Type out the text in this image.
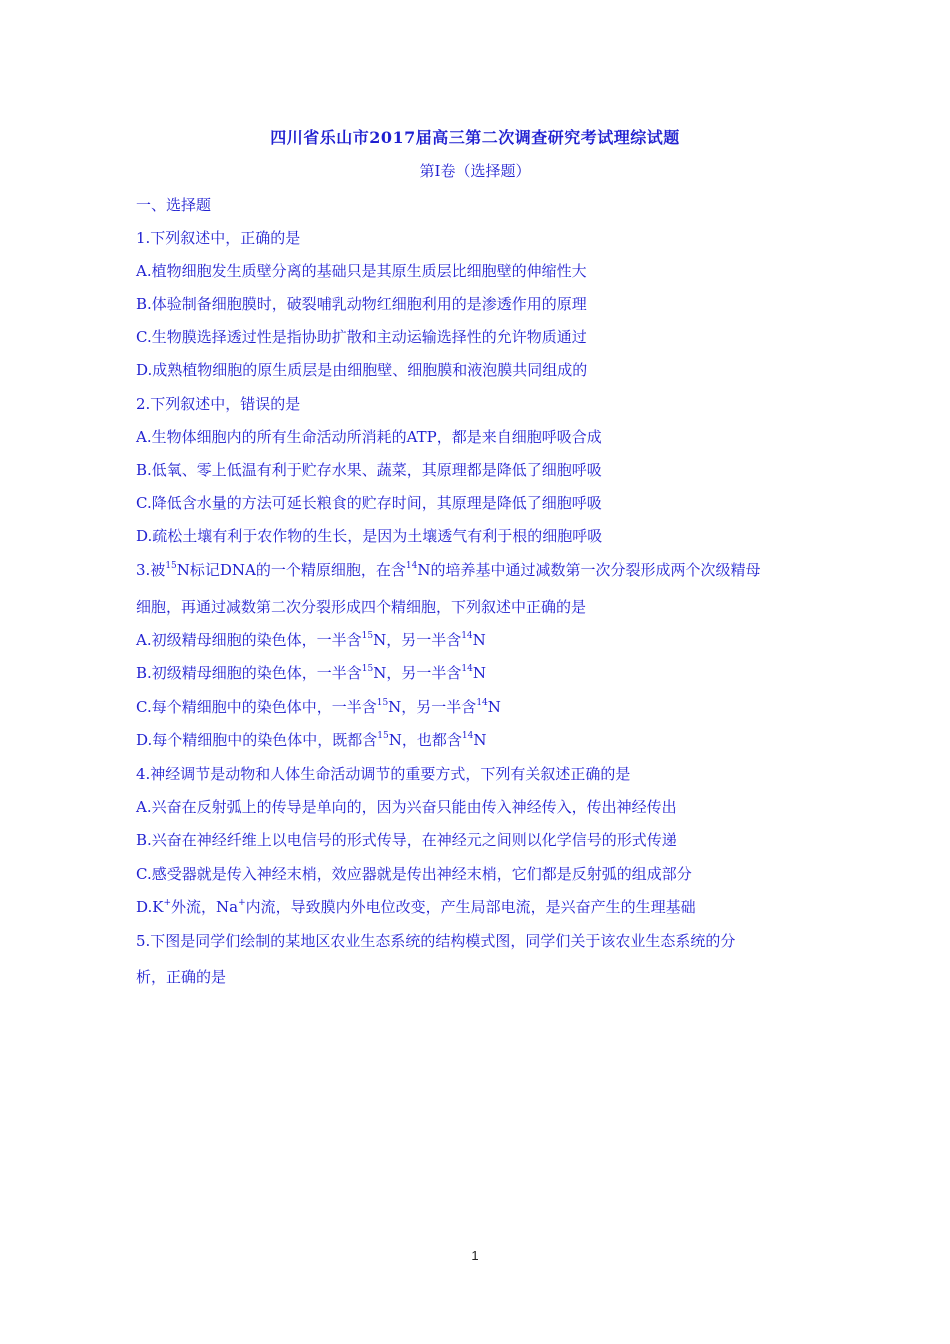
四川省乐山市2017届高三第二次调查研究考试理综试题
第Ⅰ卷（选择题）
一、选择题
1.下列叙述中，正确的是
A.植物细胞发生质壁分离的基础只是其原生质层比细胞壁的伸缩性大
B.体验制备细胞膜时，破裂哺乳动物红细胞利用的是渗透作用的原理
C.生物膜选择透过性是指协助扩散和主动运输选择性的允许物质通过
D.成熟植物细胞的原生质层是由细胞壁、细胞膜和液泡膜共同组成的
2.下列叙述中，错误的是
A.生物体细胞内的所有生命活动所消耗的ATP，都是来自细胞呼吸合成
B.低氧、零上低温有利于贮存水果、蔬菜，其原理都是降低了细胞呼吸
C.降低含水量的方法可延长粮食的贮存时间，其原理是降低了细胞呼吸
D.疏松土壤有利于农作物的生长，是因为土壤透气有利于根的细胞呼吸
3.被$^{15}$N标记DNA的一个精原细胞，在含$^{14}$N的培养基中通过减数第一次分裂形成两个次级精母
细胞，再通过减数第二次分裂形成四个精细胞，下列叙述中正确的是
A.初级精母细胞的染色体，一半含$^{15}$N，另一半含$^{14}$N
B.初级精母细胞的染色体，一半含$^{15}$N，另一半含$^{14}$N
C.每个精细胞中的染色体中，一半含$^{15}$N，另一半含$^{14}$N
D.每个精细胞中的染色体中，既都含$^{15}$N，也都含$^{14}$N
4.神经调节是动物和人体生命活动调节的重要方式，下列有关叙述正确的是
A.兴奋在反射弧上的传导是单向的，因为兴奋只能由传入神经传入，传出神经传出
B.兴奋在神经纤维上以电信号的形式传导，在神经元之间则以化学信号的形式传递
C.感受器就是传入神经末梢，效应器就是传出神经末梢，它们都是反射弧的组成部分
D.K+外流，Na+内流，导致膜内外电位改变，产生局部电流，是兴奋产生的生理基础
5.下图是同学们绘制的某地区农业生态系统的结构模式图，同学们关于该农业生态系统的分
析，正确的是
1
